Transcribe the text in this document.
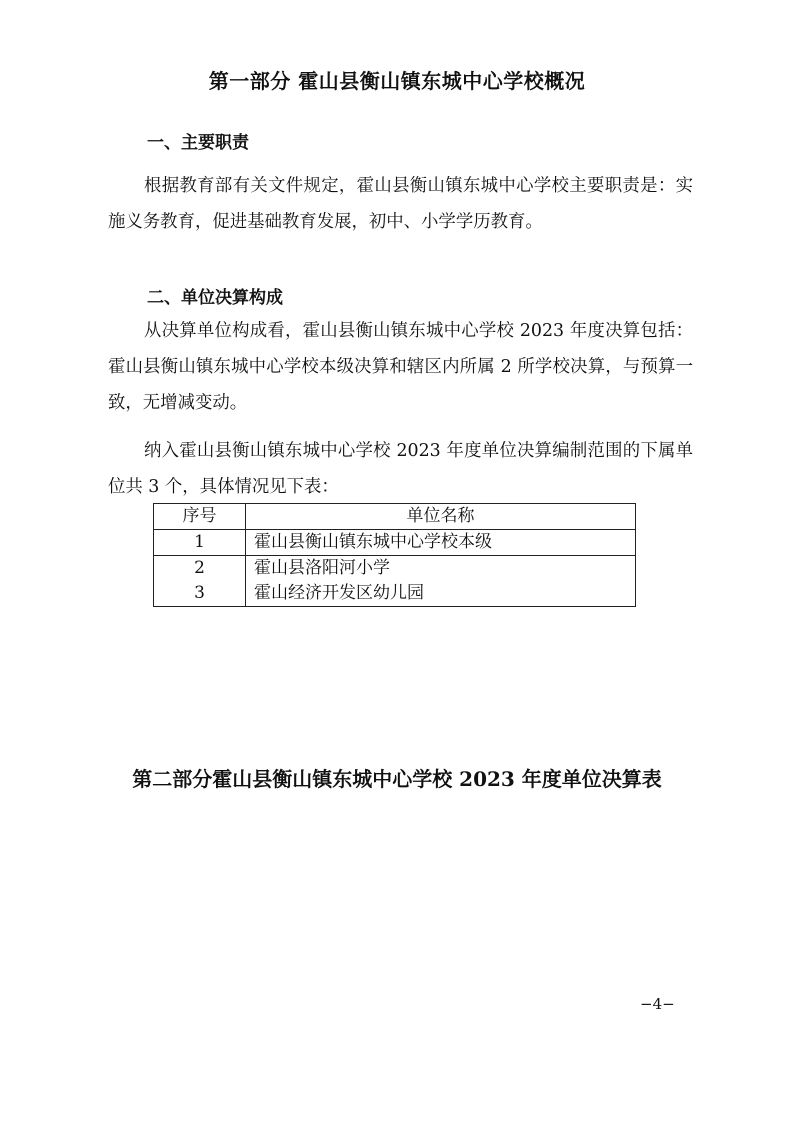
第一部分 霍山县衡山镇东城中心学校概况
一、主要职责

根据教育部有关文件规定，霍山县衡山镇东城中心学校主要职责是：实施义务教育，促进基础教育发展，初中、小学学历教育。

二、单位决算构成

从决算单位构成看，霍山县衡山镇东城中心学校 2023 年度决算包括：霍山县衡山镇东城中心学校本级决算和辖区内所属 2 所学校决算，与预算一致，无增减变动。

纳入霍山县衡山镇东城中心学校 2023 年度单位决算编制范围的下属单位共 3 个，具体情况见下表：

序号	单位名称
1	霍山县衡山镇东城中心学校本级
2	霍山县洛阳河小学
3	霍山经济开发区幼儿园
第二部分霍山县衡山镇东城中心学校 2023 年度单位决算表
−4−
